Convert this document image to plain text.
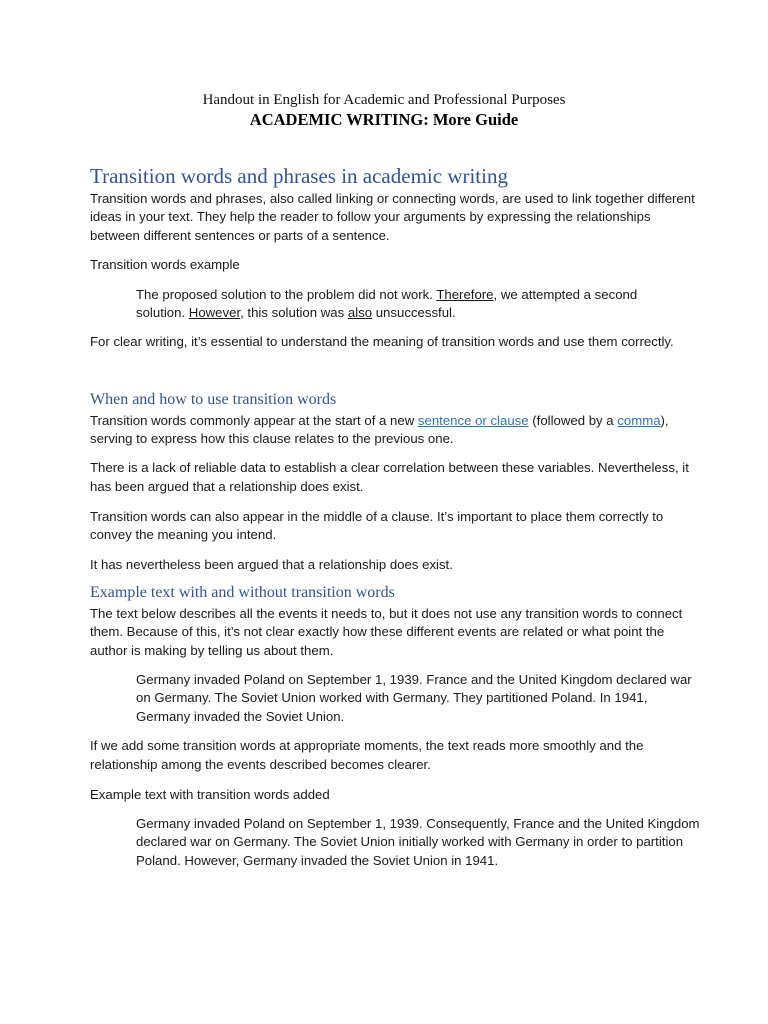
Handout in English for Academic and Professional Purposes
ACADEMIC WRITING: More Guide
Transition words and phrases in academic writing
Transition words and phrases, also called linking or connecting words, are used to link together different
ideas in your text. They help the reader to follow your arguments by expressing the relationships
between different sentences or parts of a sentence.
Transition words example
The proposed solution to the problem did not work. Therefore, we attempted a second
solution. However, this solution was also unsuccessful.
For clear writing, it’s essential to understand the meaning of transition words and use them correctly.
When and how to use transition words
Transition words commonly appear at the start of a new sentence or clause (followed by a comma),
serving to express how this clause relates to the previous one.
There is a lack of reliable data to establish a clear correlation between these variables. Nevertheless, it
has been argued that a relationship does exist.
Transition words can also appear in the middle of a clause. It’s important to place them correctly to
convey the meaning you intend.
It has nevertheless been argued that a relationship does exist.
Example text with and without transition words
The text below describes all the events it needs to, but it does not use any transition words to connect
them. Because of this, it’s not clear exactly how these different events are related or what point the
author is making by telling us about them.
Germany invaded Poland on September 1, 1939. France and the United Kingdom declared war
on Germany. The Soviet Union worked with Germany. They partitioned Poland. In 1941,
Germany invaded the Soviet Union.
If we add some transition words at appropriate moments, the text reads more smoothly and the
relationship among the events described becomes clearer.
Example text with transition words added
Germany invaded Poland on September 1, 1939. Consequently, France and the United Kingdom
declared war on Germany. The Soviet Union initially worked with Germany in order to partition
Poland. However, Germany invaded the Soviet Union in 1941.
